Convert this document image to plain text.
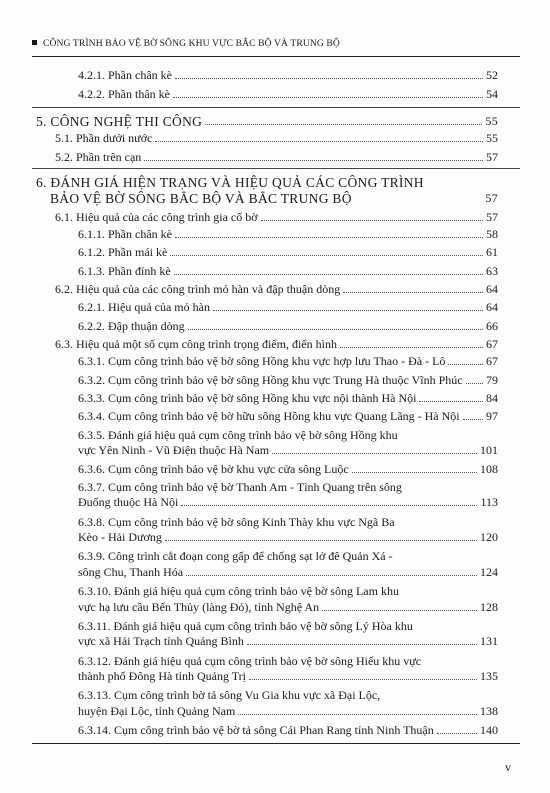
CÔNG TRÌNH BẢO VỆ BỜ SÔNG KHU VỰC BẮC BỘ VÀ TRUNG BỘ
4.2.1. Phần chân kè	52
4.2.2. Phần thân kè	54
5. CÔNG NGHỆ THI CÔNG	55
5.1. Phần dưới nước	55
5.2. Phần trên cạn	57
6. ĐÁNH GIÁ HIỆN TRẠNG VÀ HIỆU QUẢ CÁC CÔNG TRÌNH
BẢO VỆ BỜ SÔNG BẮC BỘ VÀ BẮC TRUNG BỘ	57
6.1. Hiệu quả của các công trình gia cố bờ	57
6.1.1. Phần chân kè	58
6.1.2. Phần mái kè	61
6.1.3. Phần đỉnh kè	63
6.2. Hiệu quả của các công trình mỏ hàn và đập thuận dòng	64
6.2.1. Hiệu quả của mỏ hàn	64
6.2.2. Đập thuận dòng	66
6.3. Hiệu quả một số cụm công trình trọng điểm, điển hình	67
6.3.1. Cụm công trình bảo vệ bờ sông Hồng khu vực hợp lưu Thao - Đà - Lô	67
6.3.2. Cụm công trình bảo vệ bờ sông Hồng khu vực Trung Hà thuộc Vĩnh Phúc 79
6.3.3. Cụm công trình bảo vệ bờ sông Hồng khu vực nội thành Hà Nội	84
6.3.4. Cụm công trình bảo vệ bờ hữu sông Hồng khu vực Quang Lãng - Hà Nội 97
6.3.5. Đánh giá hiệu quả cụm công trình bảo vệ bờ sông Hồng khu
vực Yên Ninh - Vũ Điện thuộc Hà Nam	101
6.3.6. Cụm công trình bảo vệ bờ khu vực cửa sông Luộc	108
6.3.7. Cụm công trình bảo vệ bờ Thanh Am - Tình Quang trên sông
Đuống thuộc Hà Nội	113
6.3.8. Cụm công trình bảo vệ bờ sông Kinh Thày khu vực Ngã Ba
Kèo - Hải Dương	120
6.3.9. Công trình cắt đoạn cong gấp để chống sạt lở đê Quản Xá -
sông Chu, Thanh Hóa	124
6.3.10. Đánh giá hiệu quả cụm công trình bảo vệ bờ sông Lam khu
vực hạ lưu cầu Bến Thủy (làng Đỏ), tỉnh Nghệ An	128
6.3.11. Đánh giá hiệu quả cụm công trình bảo vệ bờ sông Lý Hòa khu
vực xã Hải Trạch tỉnh Quảng Bình	131
6.3.12. Đánh giá hiệu quả cụm công trình bảo vệ bờ sông Hiếu khu vực
thành phố Đông Hà tỉnh Quảng Trị	135
6.3.13. Cụm công trình bờ tả sông Vu Gia khu vực xã Đại Lộc,
huyện Đại Lộc, tỉnh Quảng Nam	138
6.3.14. Cụm công trình bảo vệ bờ tả sông Cái Phan Rang tỉnh Ninh Thuận	140
v
